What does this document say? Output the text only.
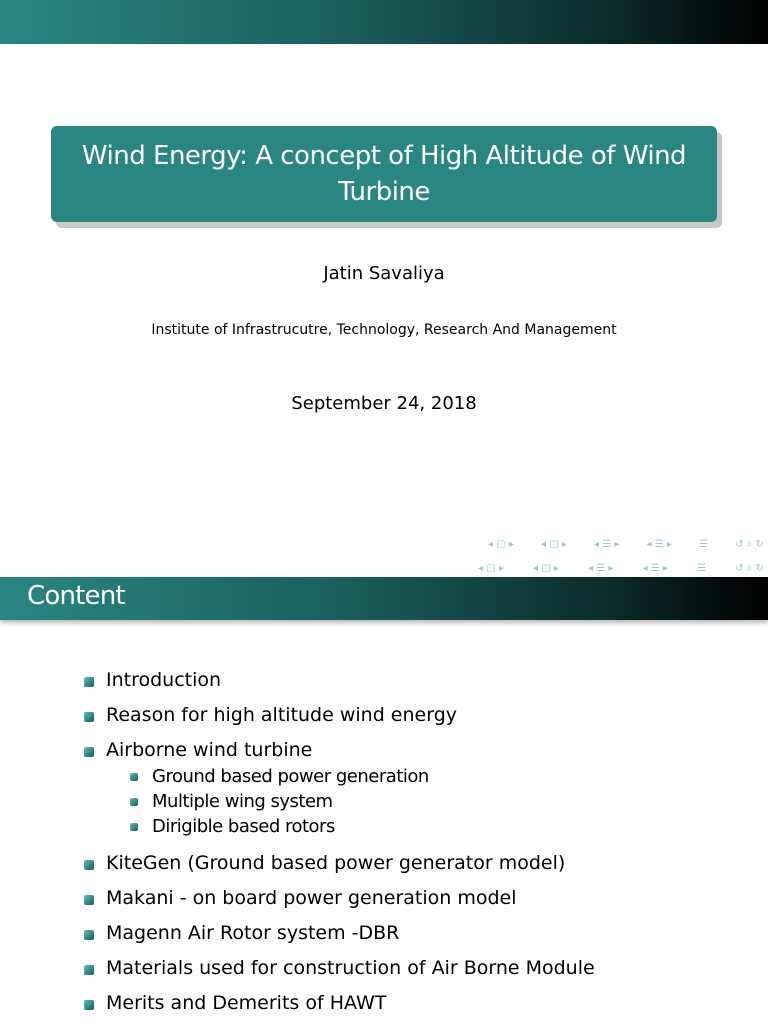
Wind Energy: A concept of High Altitude of Wind Turbine
Jatin Savaliya
Institute of Infrastrucutre, Technology, Research And Management
September 24, 2018
◂ ▢ ▸	◂ ◫ ▸	◂ ☰ ▸	◂ ☰ ▸	☰	↺ ⌕ ↻
◂ ▢ ▸	◂ ◫ ▸	◂ ☰ ▸	◂ ☰ ▸	☰	↺ ⌕ ↻
Content
Introduction
Reason for high altitude wind energy
Airborne wind turbine
Ground based power generation
Multiple wing system
Dirigible based rotors
KiteGen (Ground based power generator model)
Makani - on board power generation model
Magenn Air Rotor system -DBR
Materials used for construction of Air Borne Module
Merits and Demerits of HAWT
